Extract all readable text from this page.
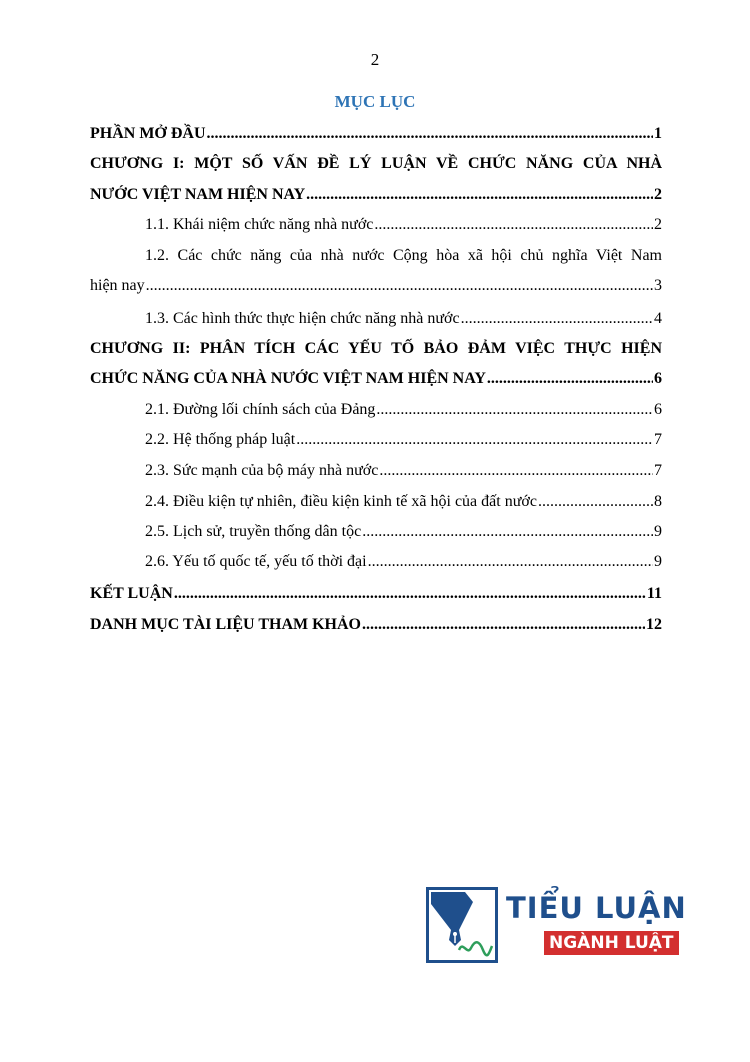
2
MỤC LỤC
PHẦN MỞ ĐẦU .....	1
CHƯƠNG I: MỘT SỐ VẤN ĐỀ LÝ LUẬN VỀ CHỨC NĂNG CỦA NHÀ
NƯỚC VIỆT NAM HIỆN NAY .....	2
1.1. Khái niệm chức năng nhà nước .....	2
1.2. Các chức năng của nhà nước Cộng hòa xã hội chủ nghĩa Việt Nam
hiện nay .....	3
1.3. Các hình thức thực hiện chức năng nhà nước .....	4
CHƯƠNG II: PHÂN TÍCH CÁC YẾU TỐ BẢO ĐẢM VIỆC THỰC HIỆN
CHỨC NĂNG CỦA NHÀ NƯỚC VIỆT NAM HIỆN NAY .....	6
2.1. Đường lối chính sách của Đảng .....	6
2.2. Hệ thống pháp luật .....	7
2.3. Sức mạnh của bộ máy nhà nước .....	7
2.4. Điều kiện tự nhiên, điều kiện kinh tế xã hội của đất nước .....	8
2.5. Lịch sử, truyền thống dân tộc .....	9
2.6. Yếu tố quốc tế, yếu tố thời đại .....	9
KẾT LUẬN .....	11
DANH MỤC TÀI LIỆU THAM KHẢO .....	12
TIỂU LUẬN
NGÀNH LUẬT
